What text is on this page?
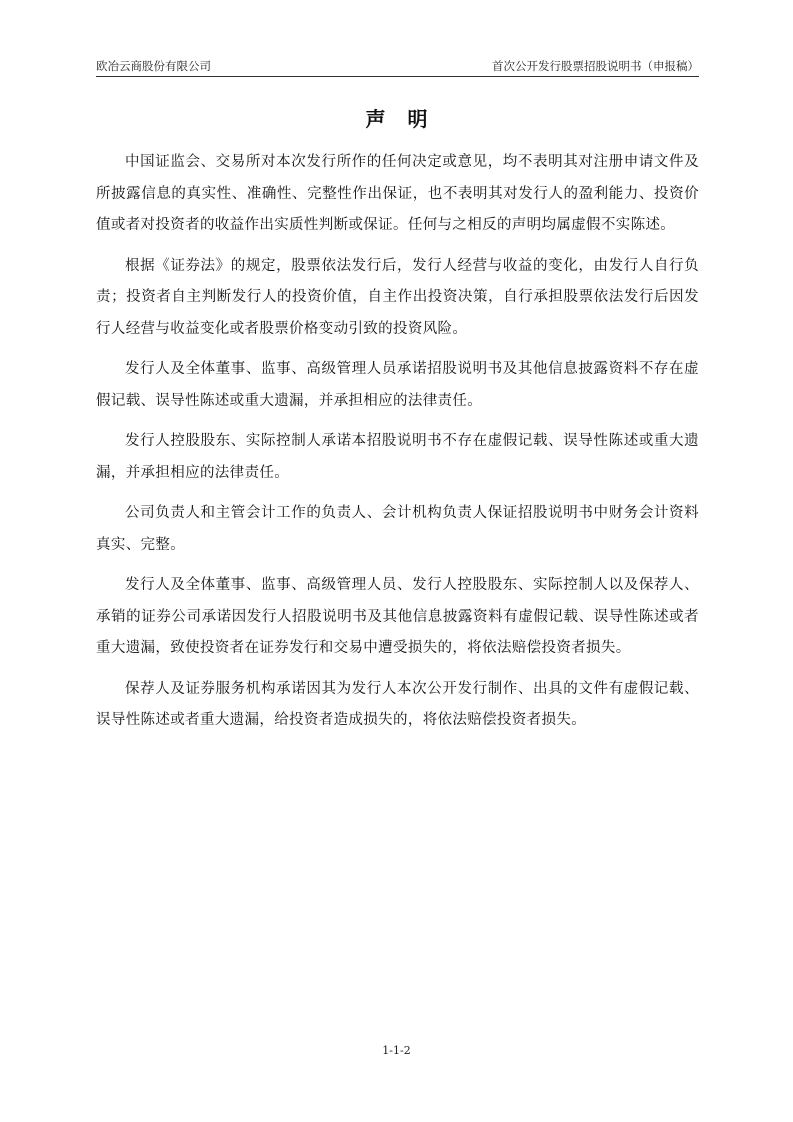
欧冶云商股份有限公司	首次公开发行股票招股说明书（申报稿）
声明

中国证监会、交易所对本次发行所作的任何决定或意见，均不表明其对注册申请文件及所披露信息的真实性、准确性、完整性作出保证，也不表明其对发行人的盈利能力、投资价值或者对投资者的收益作出实质性判断或保证。任何与之相反的声明均属虚假不实陈述。

根据《证券法》的规定，股票依法发行后，发行人经营与收益的变化，由发行人自行负责；投资者自主判断发行人的投资价值，自主作出投资决策，自行承担股票依法发行后因发行人经营与收益变化或者股票价格变动引致的投资风险。

发行人及全体董事、监事、高级管理人员承诺招股说明书及其他信息披露资料不存在虚假记载、误导性陈述或重大遗漏，并承担相应的法律责任。

发行人控股股东、实际控制人承诺本招股说明书不存在虚假记载、误导性陈述或重大遗漏，并承担相应的法律责任。

公司负责人和主管会计工作的负责人、会计机构负责人保证招股说明书中财务会计资料真实、完整。

发行人及全体董事、监事、高级管理人员、发行人控股股东、实际控制人以及保荐人、承销的证券公司承诺因发行人招股说明书及其他信息披露资料有虚假记载、误导性陈述或者重大遗漏，致使投资者在证券发行和交易中遭受损失的，将依法赔偿投资者损失。

保荐人及证券服务机构承诺因其为发行人本次公开发行制作、出具的文件有虚假记载、误导性陈述或者重大遗漏，给投资者造成损失的，将依法赔偿投资者损失。

1-1-2
